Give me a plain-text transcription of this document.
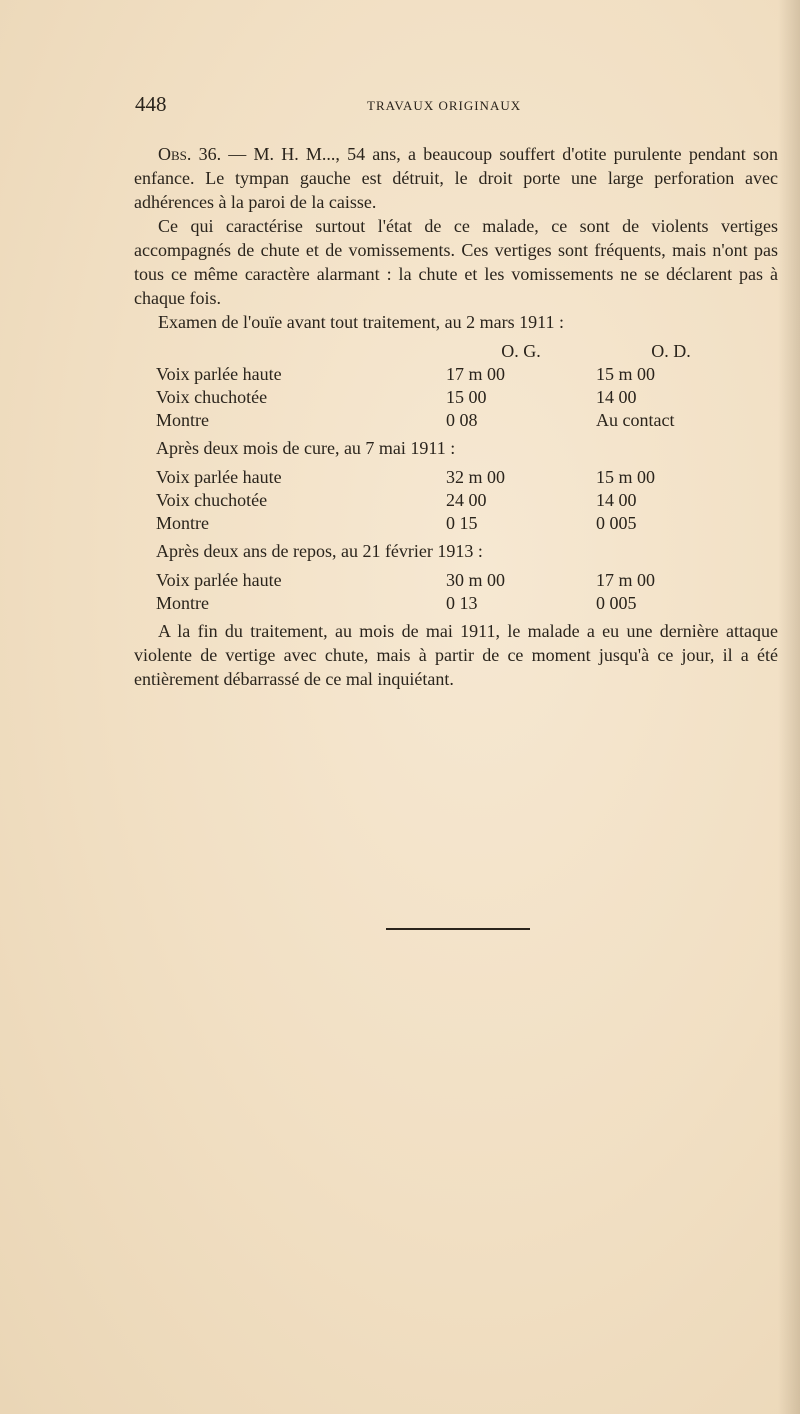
448	TRAVAUX ORIGINAUX

Obs. 36. — M. H. M..., 54 ans, a beaucoup souffert d'otite purulente pendant son enfance. Le tympan gauche est détruit, le droit porte une large perforation avec adhérences à la paroi de la caisse.

Ce qui caractérise surtout l'état de ce malade, ce sont de violents vertiges accompagnés de chute et de vomissements. Ces vertiges sont fréquents, mais n'ont pas tous ce même caractère alarmant : la chute et les vomissements ne se déclarent pas à chaque fois.

Examen de l'ouïe avant tout traitement, au 2 mars 1911 :

	O. G.	O. D.
Voix parlée haute	17 m 00	15 m 00
Voix chuchotée	15 00	14 00
Montre	0 08	Au contact
Après deux mois de cure, au 7 mai 1911 :
Voix parlée haute	32 m 00	15 m 00
Voix chuchotée	24 00	14 00
Montre	0 15	0 005
Après deux ans de repos, au 21 février 1913 :
Voix parlée haute	30 m 00	17 m 00
Montre	0 13	0 005

A la fin du traitement, au mois de mai 1911, le malade a eu une dernière attaque violente de vertige avec chute, mais à partir de ce moment jusqu'à ce jour, il a été entièrement débarrassé de ce mal inquiétant.
